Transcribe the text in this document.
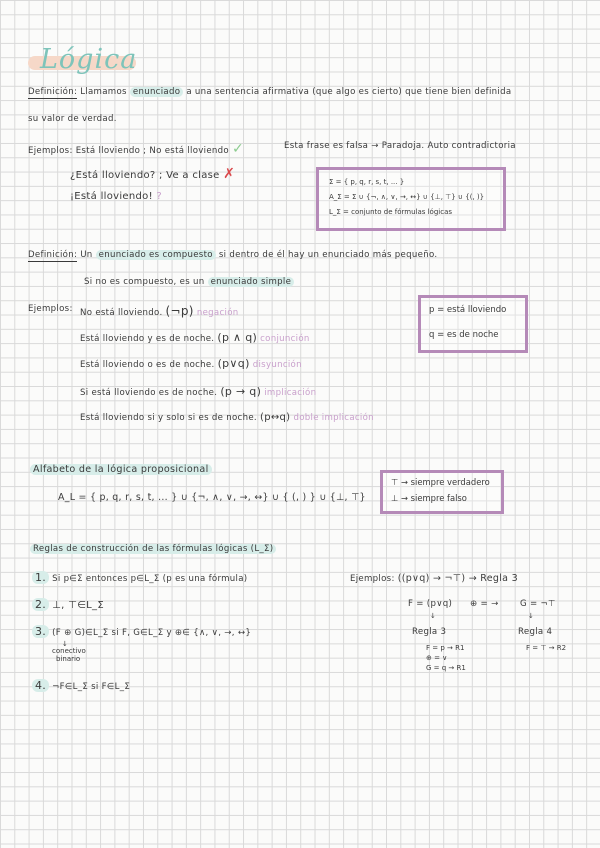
Lógica
Definición: Llamamos enunciado a una sentencia afirmativa (que algo es cierto) que tiene bien definida
su valor de verdad.
Ejemplos: Está lloviendo ; No está lloviendo ✓	Esta frase es falsa → Paradoja. Auto contradictoria
¿Está lloviendo? ; Ve a clase ✗
¡Está lloviendo! ?
Σ = { p, q, r, s, t, ... }
A_Σ = Σ ∪ {¬, ∧, ∨, →, ↔} ∪ {⊥, ⊤} ∪ {(, )}
L_Σ = conjunto de fórmulas lógicas
Definición: Un enunciado es compuesto si dentro de él hay un enunciado más pequeño.
Si no es compuesto, es un enunciado simple
Ejemplos: No está lloviendo. (¬p) negación
Está lloviendo y es de noche. (p ∧ q) conjunción
Está lloviendo o es de noche. (p∨q) disyunción
Si está lloviendo es de noche. (p → q) implicación
Está lloviendo si y solo si es de noche. (p↔q) doble implicación
p = está lloviendo
q = es de noche
Alfabeto de la lógica proposicional
A_L = { p, q, r, s, t, ... } ∪ {¬, ∧, ∨, →, ↔} ∪ { (, ) } ∪ {⊥, ⊤}
⊤ → siempre verdadero
⊥ → siempre falso
Reglas de construcción de las fórmulas lógicas (L_Σ)
1. Si p∈Σ entonces p∈L_Σ (p es una fórmula)
2. ⊥, ⊤∈L_Σ
3. (F ⊕ G)∈L_Σ si F, G∈L_Σ y ⊕∈ {∧, ∨, →, ↔}
↓
conectivo
binario
4. ¬F∈L_Σ si F∈L_Σ
Ejemplos: ((p∨q) → ¬⊤) → Regla 3
F = (p∨q) ⊕ = → G = ¬⊤
↓	↓
Regla 3	Regla 4
F = p → R1
⊕ = ∨
G = q → R1
F = ⊤ → R2
